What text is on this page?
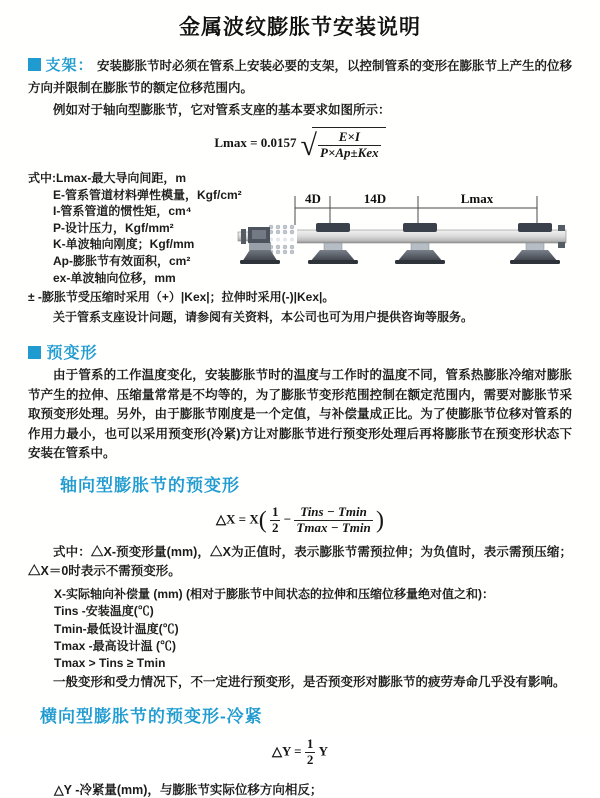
金属波纹膨胀节安装说明

支架： 安装膨胀节时必须在管系上安装必要的支架，以控制管系的变形在膨胀节上产生的位移方向并限制在膨胀节的额定位移范围内。

例如对于轴向型膨胀节，它对管系支座的基本要求如图所示：

Lmax = 0.0157 √ $\frac{E\times I}{\text{P×Ap±Kex}}$
式中:Lmax-最大导向间距，m
E-管系管道材料弹性模量，Kgf/cm²
I-管系管道的惯性矩，cm⁴
P-设计压力，Kgf/mm²
K-单波轴向刚度；Kgf/mm
Ap-膨胀节有效面积，cm²
ex-单波轴向位移，mm
± -膨胀节受压缩时采用（+）|Kex|；拉伸时采用(-)|Kex|。
关于管系支座设计问题，请参阅有关资料，本公司也可为用户提供咨询等服务。
预变形

由于管系的工作温度变化，安装膨胀节时的温度与工作时的温度不同，管系热膨胀冷缩对膨胀节产生的拉伸、压缩量常常是不均等的，为了膨胀节变形范围控制在额定范围内，需要对膨胀节采取预变形处理。另外，由于膨胀节刚度是一个定值，与补偿量成正比。为了使膨胀节位移对管系的作用力最小，也可以采用预变形(冷紧)方让对膨胀节进行预变形处理后再将膨胀节在预变形状态下安装在管系中。

轴向型膨胀节的预变形
△X = $X( \frac{1}{2} - \frac{\text{Tins − Tmin}}{Tmax - Tmin}$ )

式中：△X-预变形量(mm)，△X为正值时，表示膨胀节需预拉伸；为负值时，表示需预压缩；△X＝0时表示不需预变形。

X-实际轴向补偿量 (mm) (相对于膨胀节中间状态的拉伸和压缩位移量绝对值之和)：
Tins -安装温度(℃)
Tmin-最低设计温度(℃)
Tmax -最高设计温 (℃)
Tmax > Tins ≥ Tmin

一般变形和受力情况下，不一定进行预变形，是否预变形对膨胀节的疲劳寿命几乎没有影响。

横向型膨胀节的预变形-冷紧
△Y = $\frac{1}{2}$ Y

△Y -冷紧量(mm)，与膨胀节实际位移方向相反；

4D	14D	Lmax
